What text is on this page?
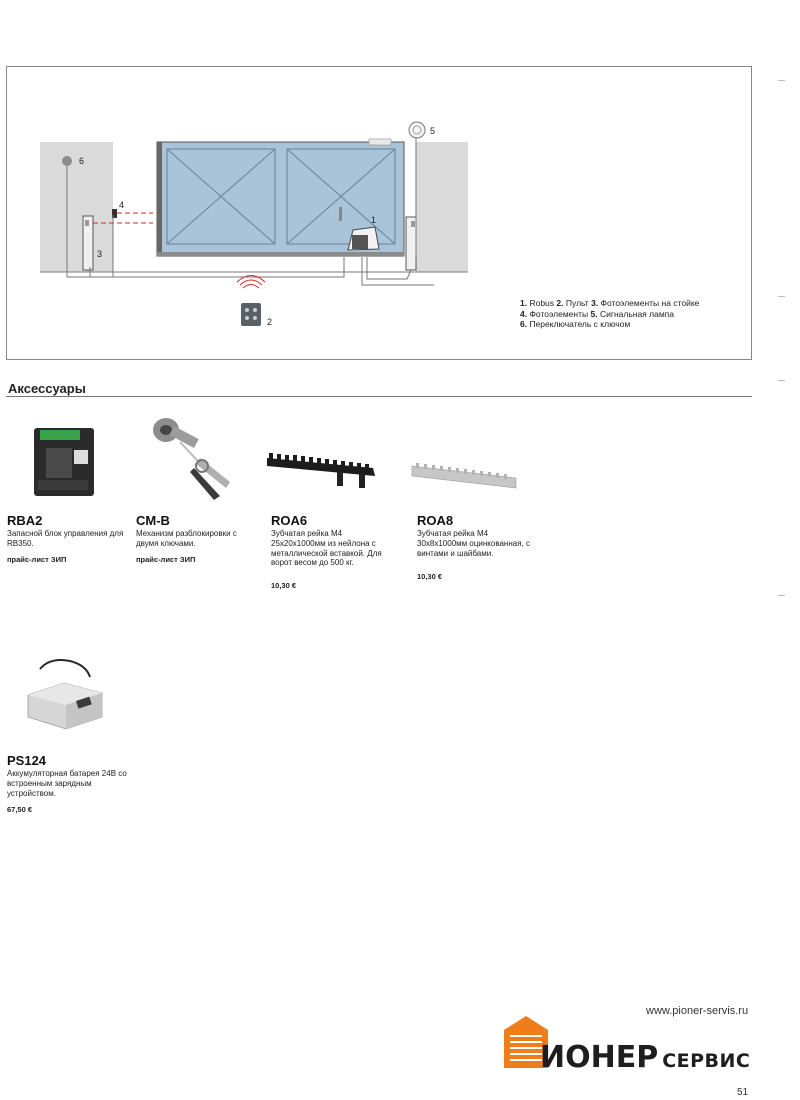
6
4
3
1
5
2
1. Robus 2. Пульт 3. Фотоэлементы на стойке
4. Фотоэлементы 5. Сигнальная лампа
6. Переключатель с ключом
Аксессуары
RBA2
Запасной блок управления для RB350.
прайс-лист ЗИП
CM-B
Механизм разблокировки с двумя ключами.
прайс-лист ЗИП
ROA6
Зубчатая рейка М4 25х20х1000мм из нейлона с металлической вставкой. Для ворот весом до 500 кг.
10,30 €
ROA8
Зубчатая рейка М4 30х8х1000мм оцинкованная, с винтами и шайбами.
10,30 €
PS124
Аккумуляторная батарея 24В со встроенным зарядным устройством.
67,50 €
www.pioner-servis.ru
ИОНЕР СЕРВИС
51
